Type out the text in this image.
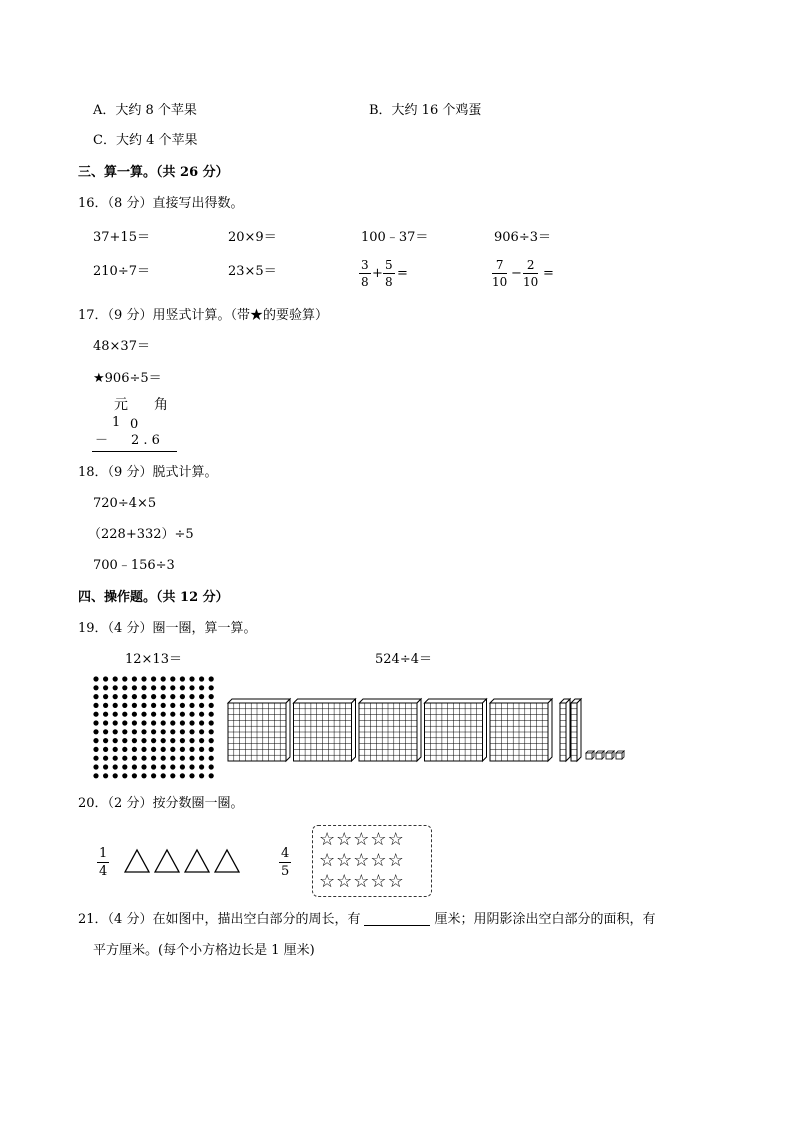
A．大约 8 个苹果	B．大约 16 个鸡蛋
C．大约 4 个苹果
三、算一算。（共 26 分）
16．（8 分）直接写出得数。
37+15＝	20×9＝	100﹣37＝	906÷3＝
210÷7＝	23×5＝	$\frac{3}{8} + \frac{5}{8}$ =	$\frac{7}{10} - \frac{2}{10}$ =
17．（9 分）用竖式计算。（带★的要验算）
48×37＝
★906÷5＝
元 角
1 0
－ 2 . 6
18．（9 分）脱式计算。
720÷4×5
（228+332）÷5
700﹣156÷3
四、操作题。（共 12 分）
19．（4 分）圈一圈，算一算。
12×13＝	524÷4＝
20．（2 分）按分数圈一圈。
$\frac{1}{4}$	$\frac{4}{5}$
☆☆☆☆☆
☆☆☆☆☆
☆☆☆☆☆
21．（4 分）在如图中，描出空白部分的周长，有	厘米；用阴影涂出空白部分的面积，有
平方厘米。(每个小方格边长是 1 厘米)
